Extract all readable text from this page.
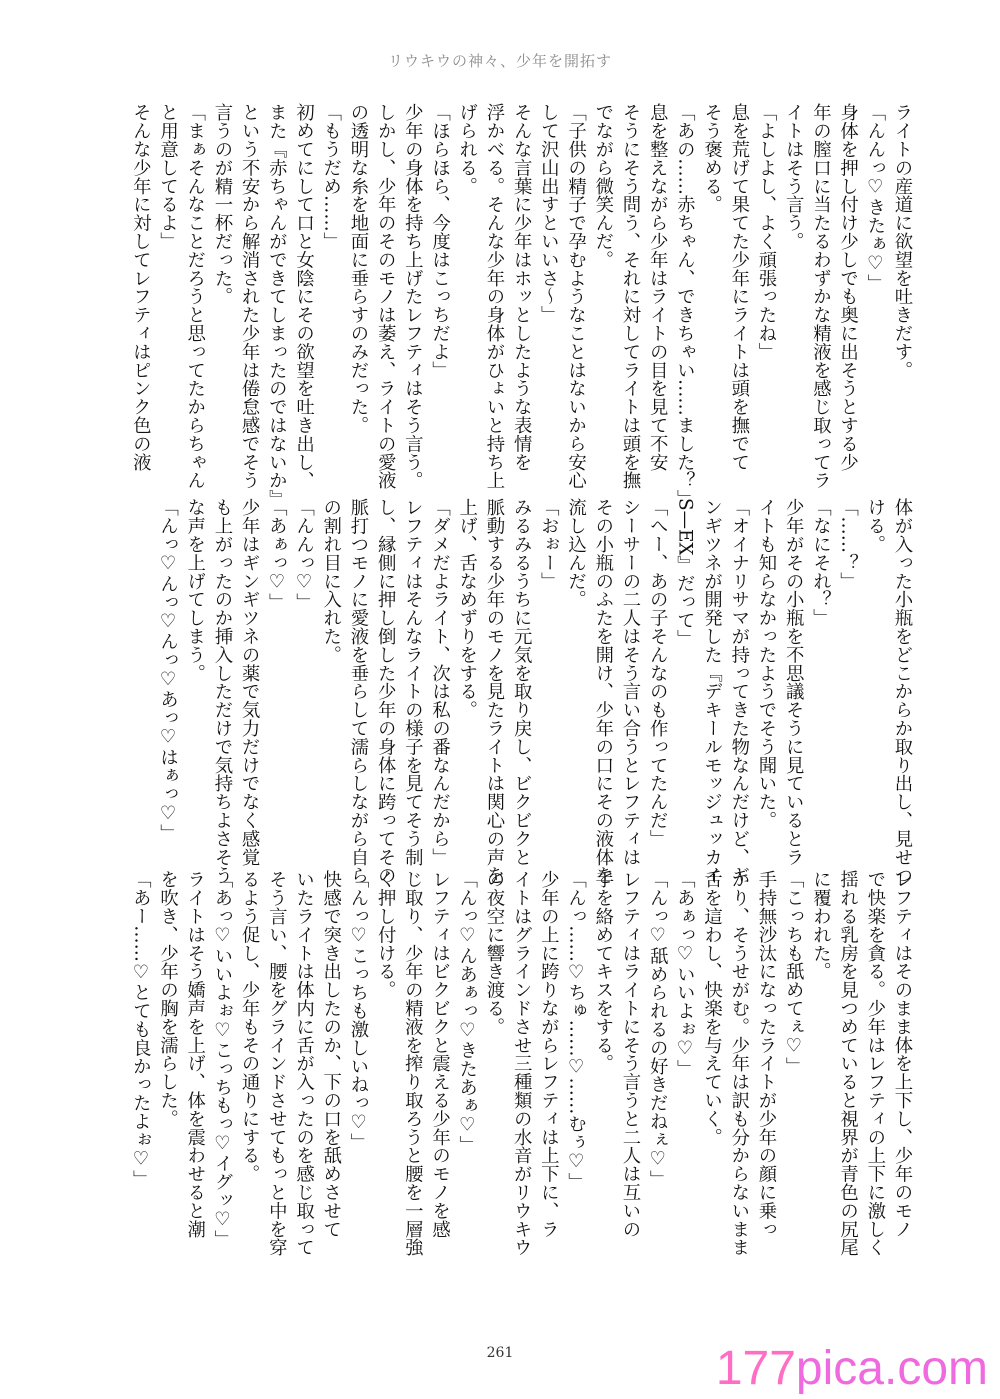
リウキウの神々、少年を開拓す

ライトの産道に欲望を吐きだす。

「んんっ♡きたぁ♡」

身体を押し付け少しでも奥に出そうとする少

年の膣口に当たるわずかな精液を感じ取ってラ

イトはそう言う。

「よしよし、よく頑張ったね」

息を荒げて果てた少年にライトは頭を撫でて

そう褒める。

「あの……赤ちゃん、できちゃい……ました？」

息を整えながら少年はライトの目を見て不安

そうにそう問う、それに対してライトは頭を撫

でながら微笑んだ。

「子供の精子で孕むようなことはないから安心

して沢山出すといいさ～」

そんな言葉に少年はホッとしたような表情を

浮かべる。そんな少年の身体がひょいと持ち上

げられる。

「ほらほら、今度はこっちだよ」

少年の身体を持ち上げたレフティはそう言う。

しかし、少年のそのモノは萎え、ライトの愛液

の透明な糸を地面に垂らすのみだった。

「もうだめ……」

初めてにして口と女陰にその欲望を吐き出し、

また『赤ちゃんができてしまったのではないか』

という不安から解消された少年は倦怠感でそう

言うのが精一杯だった。

「まぁそんなことだろうと思ってたからちゃん

と用意してるよ」

そんな少年に対してレフティはピンク色の液

体が入った小瓶をどこからか取り出し、見せつ

ける。

「……？」

「なにそれ？」

少年がその小瓶を不思議そうに見ているとラ

イトも知らなかったようでそう聞いた。

「オイナリサマが持ってきた物なんだけど、ギ

ンギツネが開発した『デキールモッジュッカイ

S—EX』だって」

「へー、あの子そんなのも作ってたんだ」

シーサーの二人はそう言い合うとレフティは

その小瓶のふたを開け、少年の口にその液体を

流し込んだ。

「おぉー」

みるみるうちに元気を取り戻し、ビクビクと

脈動する少年のモノを見たライトは関心の声を

上げ、舌なめずりをする。

「ダメだよライト、次は私の番なんだから」

レフティはそんなライトの様子を見てそう制

し、縁側に押し倒した少年の身体に跨ってその

脈打つモノに愛液を垂らして濡らしながら自ら

の割れ目に入れた。

「んんっ♡」

「あぁっ♡」

少年はギンギツネの薬で気力だけでなく感覚

も上がったのか挿入しただけで気持ちよさそう

な声を上げてしまう。

「んっ♡んっ♡んっ♡あっ♡はぁっ♡」

レフティはそのまま体を上下し、少年のモノ

で快楽を貪る。少年はレフティの上下に激しく

揺れる乳房を見つめていると視界が青色の尻尾

に覆われた。

「こっちも舐めてぇ♡」

手持無沙汰になったライトが少年の顔に乗っ

かり、そうせがむ。少年は訳も分からないまま

舌を這わし、快楽を与えていく。

「あぁっ♡いいよぉ♡」

「んっ♡舐められるの好きだねぇ♡」

レフティはライトにそう言うと二人は互いの

手を絡めてキスをする。

「んっ……♡ちゅ……♡……むぅ♡」

少年の上に跨りながらレフティは上下に、ラ

イトはグラインドさせ三種類の水音がリウキウ

の夜空に響き渡る。

「んっ♡んあぁっ♡きたあぁ♡」

レフティはビクビクと震える少年のモノを感

じ取り、少年の精液を搾り取ろうと腰を一層強

く押し付ける。

「んっ♡こっちも激しいねっ♡」

快感で突き出したのか、下の口を舐めさせて

いたライトは体内に舌が入ったのを感じ取って

そう言い、腰をグラインドさせてもっと中を穿

るよう促し、少年もその通りにする。

「あっ♡いいよぉ♡こっちもっ♡イグッ♡」

ライトはそう嬌声を上げ、体を震わせると潮

を吹き、少年の胸を濡らした。

「あー……♡とても良かったよぉ♡」

261	177pica.com
